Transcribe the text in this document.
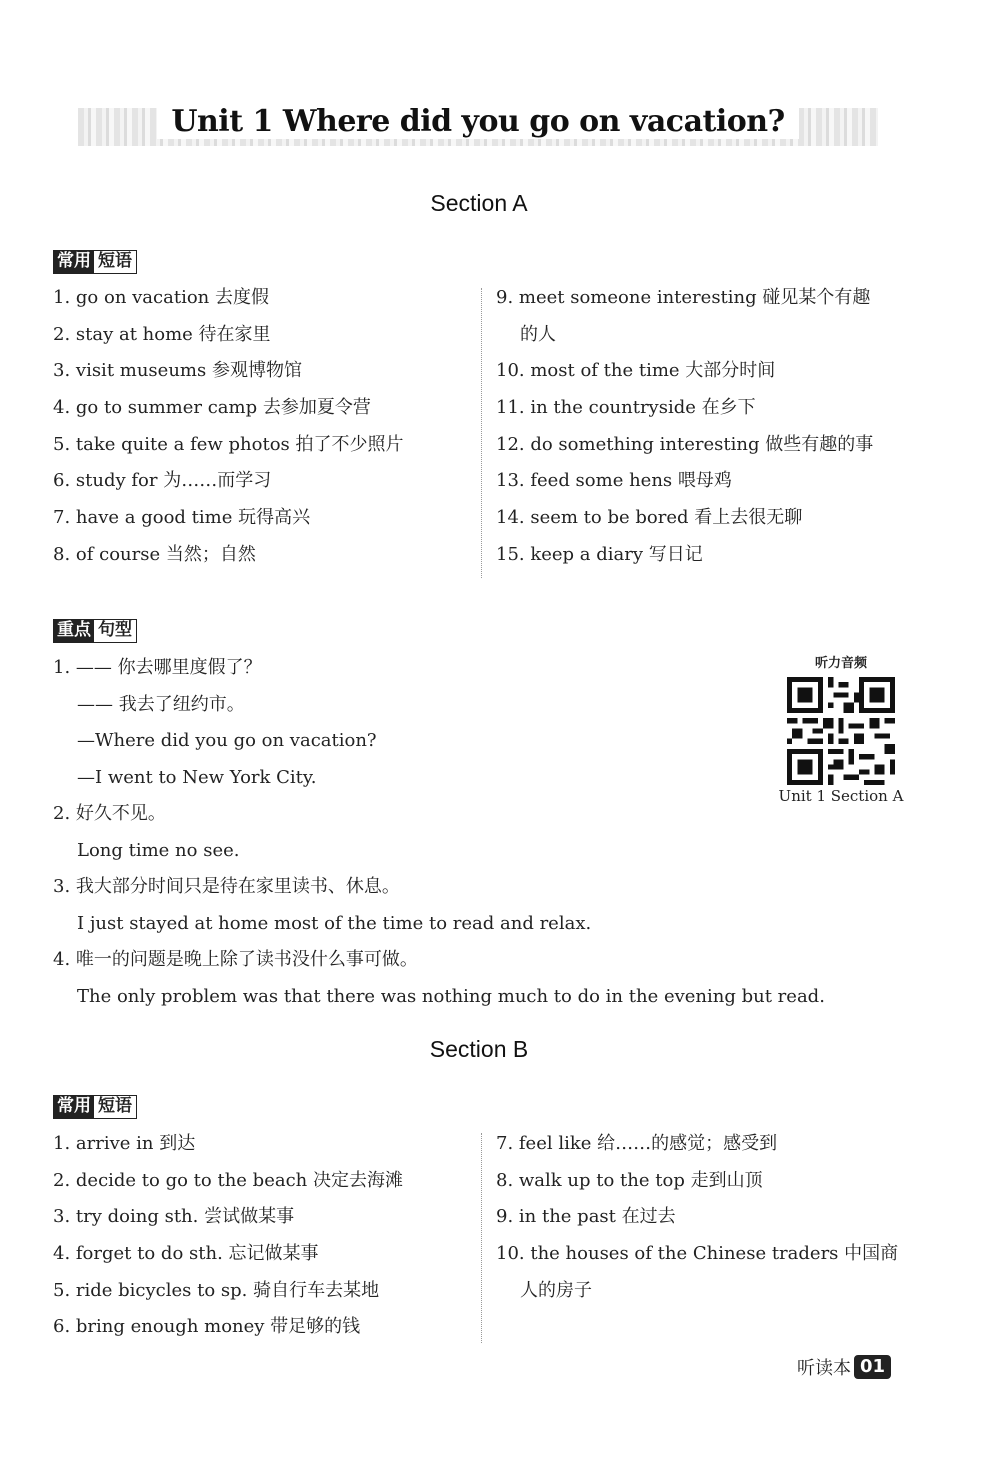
Unit 1 Where did you go on vacation?
Section A
常用 短语
1. go on vacation 去度假
2. stay at home 待在家里
3. visit museums 参观博物馆
4. go to summer camp 去参加夏令营
5. take quite a few photos 拍了不少照片
6. study for 为……而学习
7. have a good time 玩得高兴
8. of course 当然；自然
9. meet someone interesting 碰见某个有趣
的人
10. most of the time 大部分时间
11. in the countryside 在乡下
12. do something interesting 做些有趣的事
13. feed some hens 喂母鸡
14. seem to be bored 看上去很无聊
15. keep a diary 写日记
重点 句型
1. —— 你去哪里度假了？
—— 我去了纽约市。
—Where did you go on vacation?
—I went to New York City.
2. 好久不见。
Long time no see.
3. 我大部分时间只是待在家里读书、休息。
I just stayed at home most of the time to read and relax.
4. 唯一的问题是晚上除了读书没什么事可做。
The only problem was that there was nothing much to do in the evening but read.
听力音频
Unit 1 Section A
Section B
常用 短语
1. arrive in 到达
2. decide to go to the beach 决定去海滩
3. try doing sth. 尝试做某事
4. forget to do sth. 忘记做某事
5. ride bicycles to sp. 骑自行车去某地
6. bring enough money 带足够的钱
7. feel like 给……的感觉；感受到
8. walk up to the top 走到山顶
9. in the past 在过去
10. the houses of the Chinese traders 中国商
人的房子
听读本 01
